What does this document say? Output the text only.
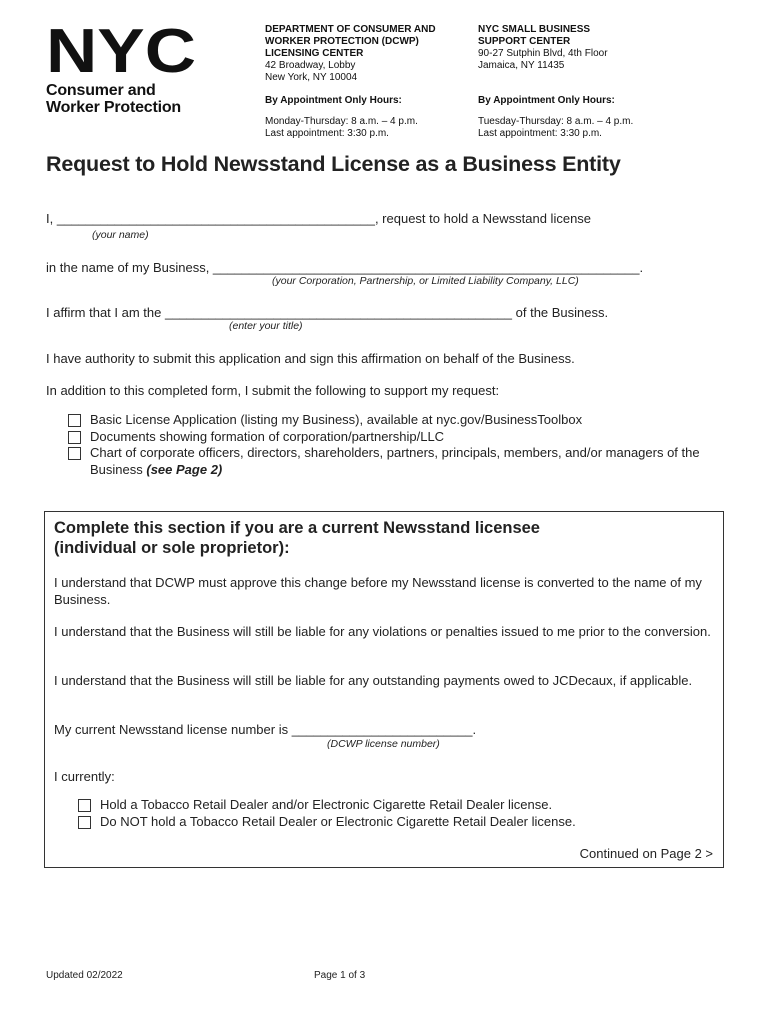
NYC
Consumer and
Worker Protection
DEPARTMENT OF CONSUMER AND
WORKER PROTECTION (DCWP)
LICENSING CENTER
42 Broadway, Lobby
New York, NY 10004
By Appointment Only Hours:
Monday-Thursday: 8 a.m. – 4 p.m.
Last appointment: 3:30 p.m.
NYC SMALL BUSINESS
SUPPORT CENTER
90-27 Sutphin Blvd, 4th Floor
Jamaica, NY 11435
By Appointment Only Hours:
Tuesday-Thursday: 8 a.m. – 4 p.m.
Last appointment: 3:30 p.m.
Request to Hold Newsstand License as a Business Entity
I, ____________________________________________, request to hold a Newsstand license
(your name)
in the name of my Business, ___________________________________________________________.
(your Corporation, Partnership, or Limited Liability Company, LLC)
I affirm that I am the ________________________________________________ of the Business.
(enter your title)
I have authority to submit this application and sign this affirmation on behalf of the Business.
In addition to this completed form, I submit the following to support my request:
Basic License Application (listing my Business), available at nyc.gov/BusinessToolbox
Documents showing formation of corporation/partnership/LLC
Chart of corporate officers, directors, shareholders, partners, principals, members, and/or managers of the Business (see Page 2)
Complete this section if you are a current Newsstand licensee
(individual or sole proprietor):
I understand that DCWP must approve this change before my Newsstand license is converted to the name of my Business.
I understand that the Business will still be liable for any violations or penalties issued to me prior to the conversion.
I understand that the Business will still be liable for any outstanding payments owed to JCDecaux, if applicable.
My current Newsstand license number is _________________________.
(DCWP license number)
I currently:
Hold a Tobacco Retail Dealer and/or Electronic Cigarette Retail Dealer license.
Do NOT hold a Tobacco Retail Dealer or Electronic Cigarette Retail Dealer license.
Continued on Page 2 >
Updated 02/2022	Page 1 of 3
